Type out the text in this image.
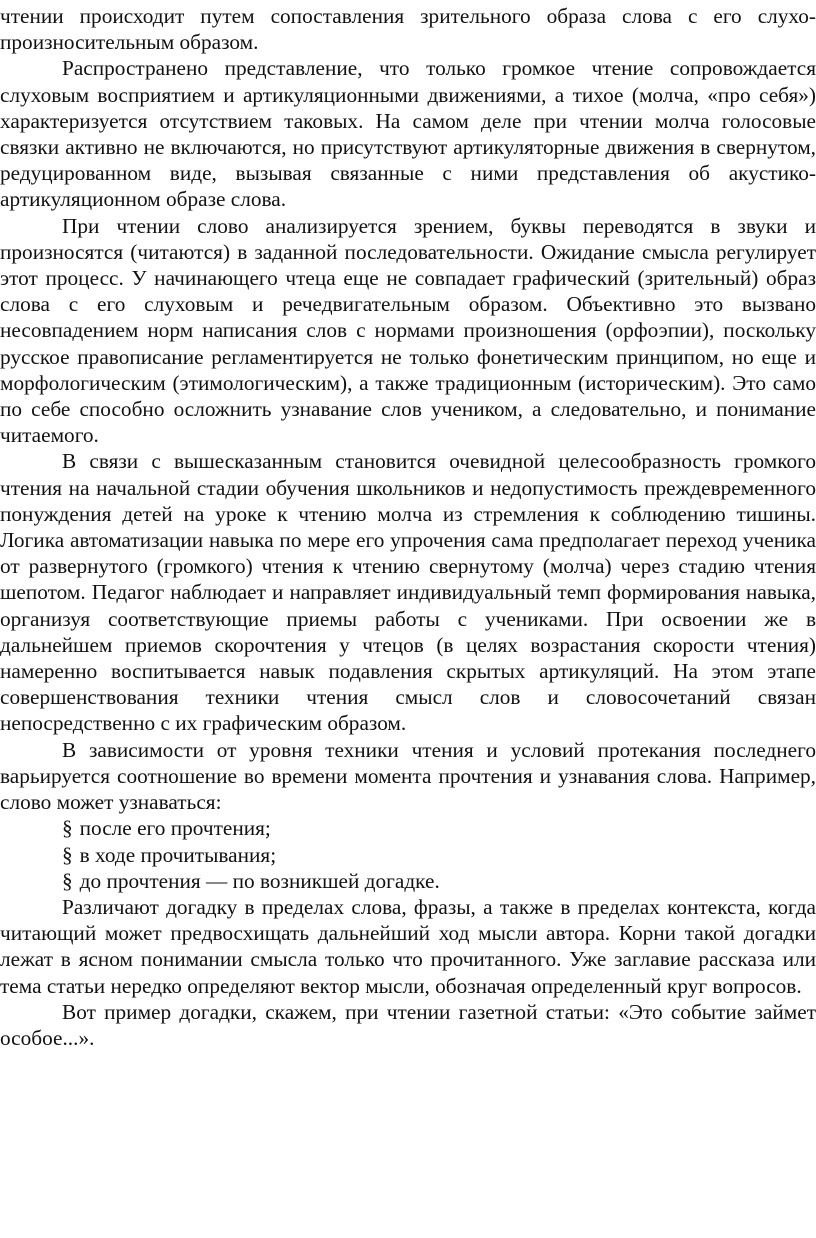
чтении происходит путем сопоставления зрительного образа слова с его слухо-произносительным образом.

Распространено представление, что только громкое чтение сопровождается слуховым восприятием и артикуляционными движениями, а тихое (молча, «про себя») характеризуется отсутствием таковых. На самом деле при чтении молча голосовые связки активно не включаются, но присутствуют артикуляторные движения в свернутом, редуцированном виде, вызывая связанные с ними представления об акустико-артикуляционном образе слова.

При чтении слово анализируется зрением, буквы переводятся в звуки и произносятся (читаются) в заданной последовательности. Ожидание смысла регулирует этот процесс. У начинающего чтеца еще не совпадает графический (зрительный) образ слова с его слуховым и речедвигательным образом. Объективно это вызвано несовпадением норм написания слов с нормами произношения (орфоэпии), поскольку русское правописание регламентируется не только фонетическим принципом, но еще и морфологическим (этимологическим), а также традиционным (историческим). Это само по себе способно осложнить узнавание слов учеником, а следовательно, и понимание читаемого.

В связи с вышесказанным становится очевидной целесообразность громкого чтения на начальной стадии обучения школьников и недопустимость преждевременного понуждения детей на уроке к чтению молча из стремления к соблюдению тишины. Логика автоматизации навыка по мере его упрочения сама предполагает переход ученика от развернутого (громкого) чтения к чтению свернутому (молча) через стадию чтения шепотом. Педагог наблюдает и направляет индивидуальный темп формирования навыка, организуя соответствующие приемы работы с учениками. При освоении же в дальнейшем приемов скорочтения у чтецов (в целях возрастания скорости чтения) намеренно воспитывается навык подавления скрытых артикуляций. На этом этапе совершенствования техники чтения смысл слов и словосочетаний связан непосредственно с их графическим образом.

В зависимости от уровня техники чтения и условий протекания последнего варьируется соотношение во времени момента прочтения и узнавания слова. Например, слово может узнаваться:

§ после его прочтения;
§ в ходе прочитывания;
§ до прочтения — по возникшей догадке.

Различают догадку в пределах слова, фразы, а также в пределах контекста, когда читающий может предвосхищать дальнейший ход мысли автора. Корни такой догадки лежат в ясном понимании смысла только что прочитанного. Уже заглавие рассказа или тема статьи нередко определяют вектор мысли, обозначая определенный круг вопросов.

Вот пример догадки, скажем, при чтении газетной статьи: «Это событие займет особое...».
